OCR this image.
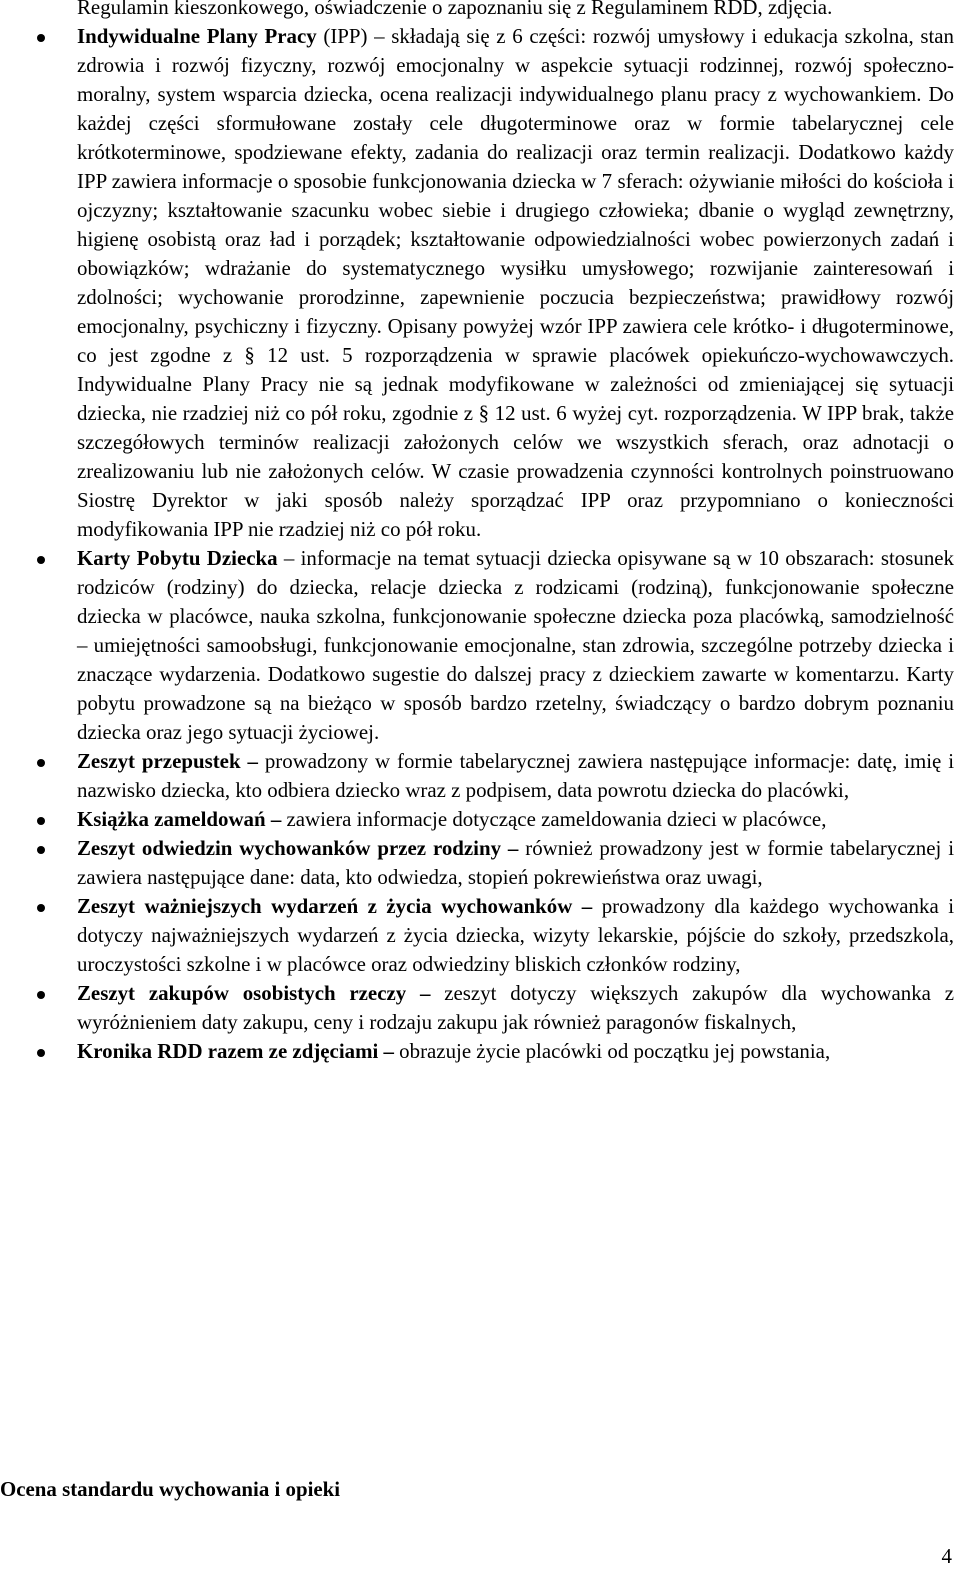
Regulamin kieszonkowego, oświadczenie o zapoznaniu się z Regulaminem RDD, zdjęcia.
Indywidualne Plany Pracy (IPP) – składają się z 6 części: rozwój umysłowy i edukacja szkolna, stan zdrowia i rozwój fizyczny, rozwój emocjonalny w aspekcie sytuacji rodzinnej, rozwój społeczno-moralny, system wsparcia dziecka, ocena realizacji indywidualnego planu pracy z wychowankiem. Do każdej części sformułowane zostały cele długoterminowe oraz w formie tabelarycznej cele krótkoterminowe, spodziewane efekty, zadania do realizacji oraz termin realizacji. Dodatkowo każdy IPP zawiera informacje o sposobie funkcjonowania dziecka w 7 sferach: ożywianie miłości do kościoła i ojczyzny; kształtowanie szacunku wobec siebie i drugiego człowieka; dbanie o wygląd zewnętrzny, higienę osobistą oraz ład i porządek; kształtowanie odpowiedzialności wobec powierzonych zadań i obowiązków; wdrażanie do systematycznego wysiłku umysłowego; rozwijanie zainteresowań i zdolności; wychowanie prorodzinne, zapewnienie poczucia bezpieczeństwa; prawidłowy rozwój emocjonalny, psychiczny i fizyczny. Opisany powyżej wzór IPP zawiera cele krótko- i długoterminowe, co jest zgodne z § 12 ust. 5 rozporządzenia w sprawie placówek opiekuńczo-wychowawczych. Indywidualne Plany Pracy nie są jednak modyfikowane w zależności od zmieniającej się sytuacji dziecka, nie rzadziej niż co pół roku, zgodnie z § 12 ust. 6 wyżej cyt. rozporządzenia. W IPP brak, także szczegółowych terminów realizacji założonych celów we wszystkich sferach, oraz adnotacji o zrealizowaniu lub nie założonych celów. W czasie prowadzenia czynności kontrolnych poinstruowano Siostrę Dyrektor w jaki sposób należy sporządzać IPP oraz przypomniano o konieczności modyfikowania IPP nie rzadziej niż co pół roku.
Karty Pobytu Dziecka – informacje na temat sytuacji dziecka opisywane są w 10 obszarach: stosunek rodziców (rodziny) do dziecka, relacje dziecka z rodzicami (rodziną), funkcjonowanie społeczne dziecka w placówce, nauka szkolna, funkcjonowanie społeczne dziecka poza placówką, samodzielność – umiejętności samoobsługi, funkcjonowanie emocjonalne, stan zdrowia, szczególne potrzeby dziecka i znaczące wydarzenia. Dodatkowo sugestie do dalszej pracy z dzieckiem zawarte w komentarzu. Karty pobytu prowadzone są na bieżąco w sposób bardzo rzetelny, świadczący o bardzo dobrym poznaniu dziecka oraz jego sytuacji życiowej.
Zeszyt przepustek – prowadzony w formie tabelarycznej zawiera następujące informacje: datę, imię i nazwisko dziecka, kto odbiera dziecko wraz z podpisem, data powrotu dziecka do placówki,
Książka zameldowań – zawiera informacje dotyczące zameldowania dzieci w placówce,
Zeszyt odwiedzin wychowanków przez rodziny – również prowadzony jest w formie tabelarycznej i zawiera następujące dane: data, kto odwiedza, stopień pokrewieństwa oraz uwagi,
Zeszyt ważniejszych wydarzeń z życia wychowanków – prowadzony dla każdego wychowanka i dotyczy najważniejszych wydarzeń z życia dziecka, wizyty lekarskie, pójście do szkoły, przedszkola, uroczystości szkolne i w placówce oraz odwiedziny bliskich członków rodziny,
Zeszyt zakupów osobistych rzeczy – zeszyt dotyczy większych zakupów dla wychowanka z wyróżnieniem daty zakupu, ceny i rodzaju zakupu jak również paragonów fiskalnych,
Kronika RDD razem ze zdjęciami – obrazuje życie placówki od początku jej powstania,
Ocena standardu wychowania i opieki
4
